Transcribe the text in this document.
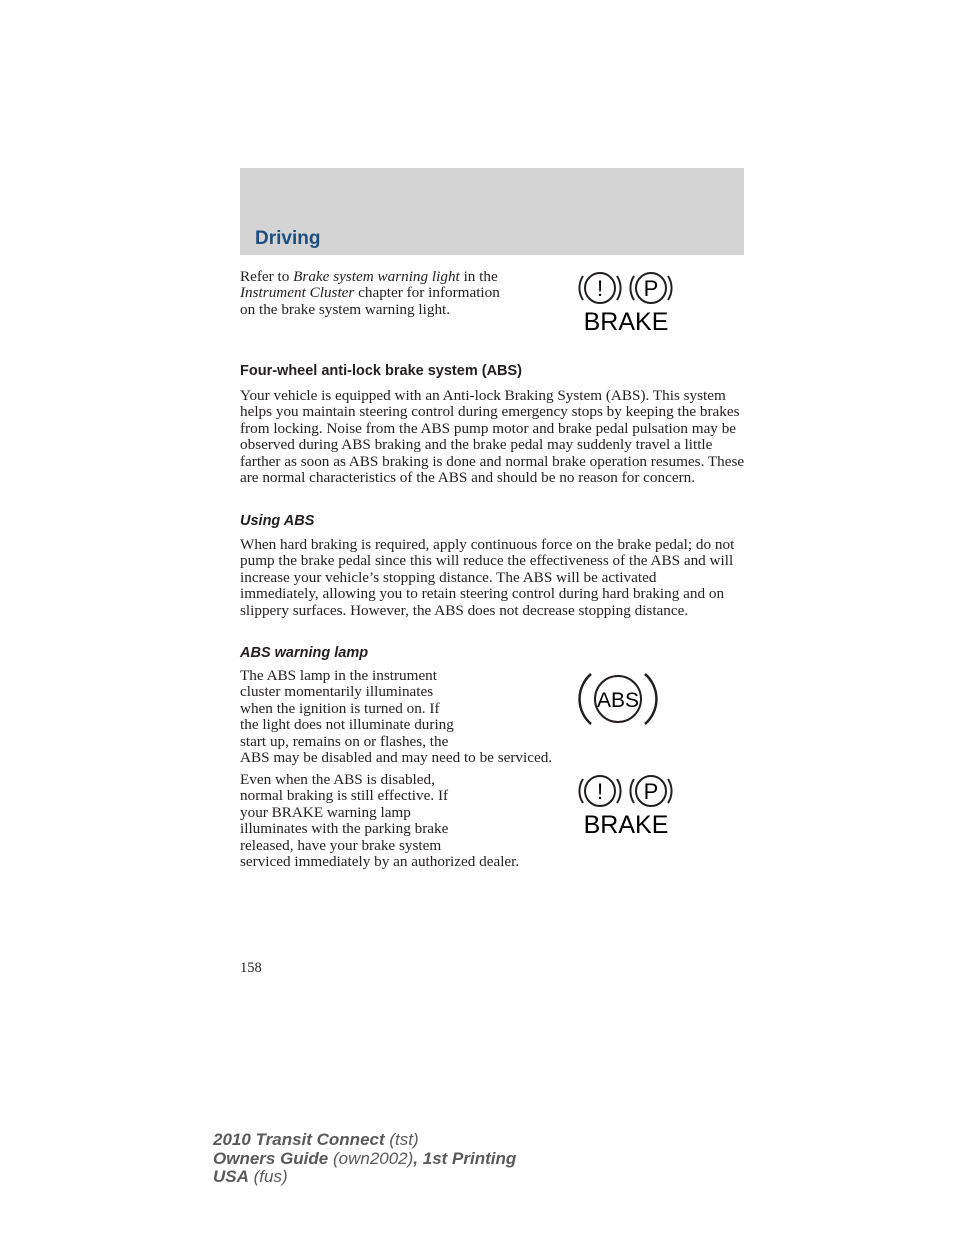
Driving

Refer to Brake system warning light in the Instrument Cluster chapter for information on the brake system warning light.

! P
BRAKE
Four-wheel anti-lock brake system (ABS)

Your vehicle is equipped with an Anti-lock Braking System (ABS). This system helps you maintain steering control during emergency stops by keeping the brakes from locking. Noise from the ABS pump motor and brake pedal pulsation may be observed during ABS braking and the brake pedal may suddenly travel a little farther as soon as ABS braking is done and normal brake operation resumes. These are normal characteristics of the ABS and should be no reason for concern.

Using ABS

When hard braking is required, apply continuous force on the brake pedal; do not pump the brake pedal since this will reduce the effectiveness of the ABS and will increase your vehicle’s stopping distance. The ABS will be activated immediately, allowing you to retain steering control during hard braking and on slippery surfaces. However, the ABS does not decrease stopping distance.

ABS warning lamp
The ABS lamp in the instrument
cluster momentarily illuminates
when the ignition is turned on. If
the light does not illuminate during
start up, remains on or flashes, the
ABS may be disabled and may need to be serviced.
ABS
Even when the ABS is disabled,
normal braking is still effective. If
your BRAKE warning lamp
illuminates with the parking brake
released, have your brake system
serviced immediately by an authorized dealer.
! P
BRAKE
158
2010 Transit Connect (tst)
Owners Guide (own2002), 1st Printing
USA (fus)
